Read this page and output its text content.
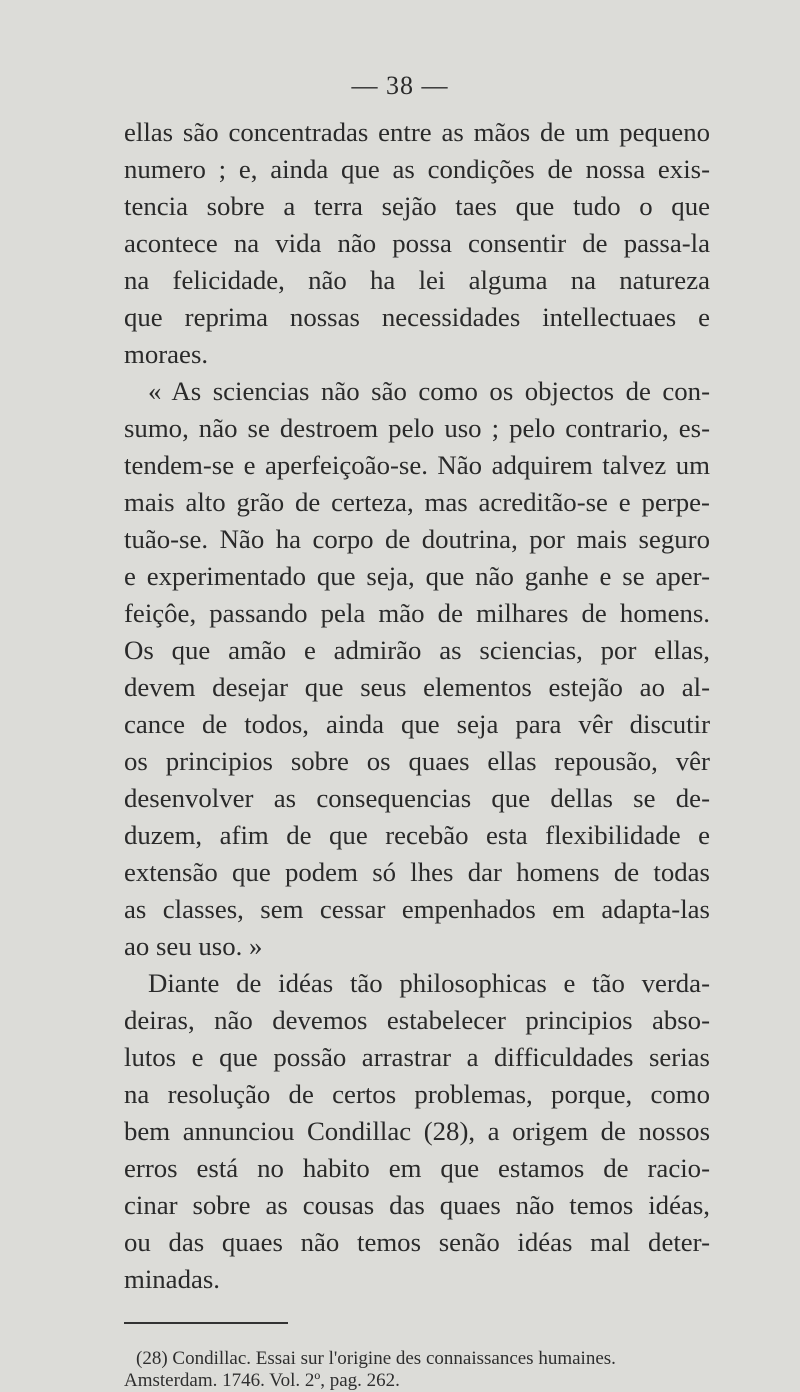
— 38 —
ellas são concentradas entre as mãos de um pequeno
numero ; e, ainda que as condições de nossa exis-
tencia sobre a terra sejão taes que tudo o que
acontece na vida não possa consentir de passa-la
na felicidade, não ha lei alguma na natureza
que reprima nossas necessidades intellectuaes e
moraes.
« As sciencias não são como os objectos de con-
sumo, não se destroem pelo uso ; pelo contrario, es-
tendem-se e aperfeiçoão-se. Não adquirem talvez um
mais alto grão de certeza, mas acreditão-se e perpe-
tuão-se. Não ha corpo de doutrina, por mais seguro
e experimentado que seja, que não ganhe e se aper-
feiçôe, passando pela mão de milhares de homens.
Os que amão e admirão as sciencias, por ellas,
devem desejar que seus elementos estejão ao al-
cance de todos, ainda que seja para vêr discutir
os principios sobre os quaes ellas repousão, vêr
desenvolver as consequencias que dellas se de-
duzem, afim de que recebão esta flexibilidade e
extensão que podem só lhes dar homens de todas
as classes, sem cessar empenhados em adapta-las
ao seu uso. »
Diante de idéas tão philosophicas e tão verda-
deiras, não devemos estabelecer principios abso-
lutos e que possão arrastrar a difficuldades serias
na resolução de certos problemas, porque, como
bem annunciou Condillac (28), a origem de nossos
erros está no habito em que estamos de racio-
cinar sobre as cousas das quaes não temos idéas,
ou das quaes não temos senão idéas mal deter-
minadas.
(28) Condillac. Essai sur l'origine des connaissances humaines.
Amsterdam. 1746. Vol. 2º, pag. 262.
